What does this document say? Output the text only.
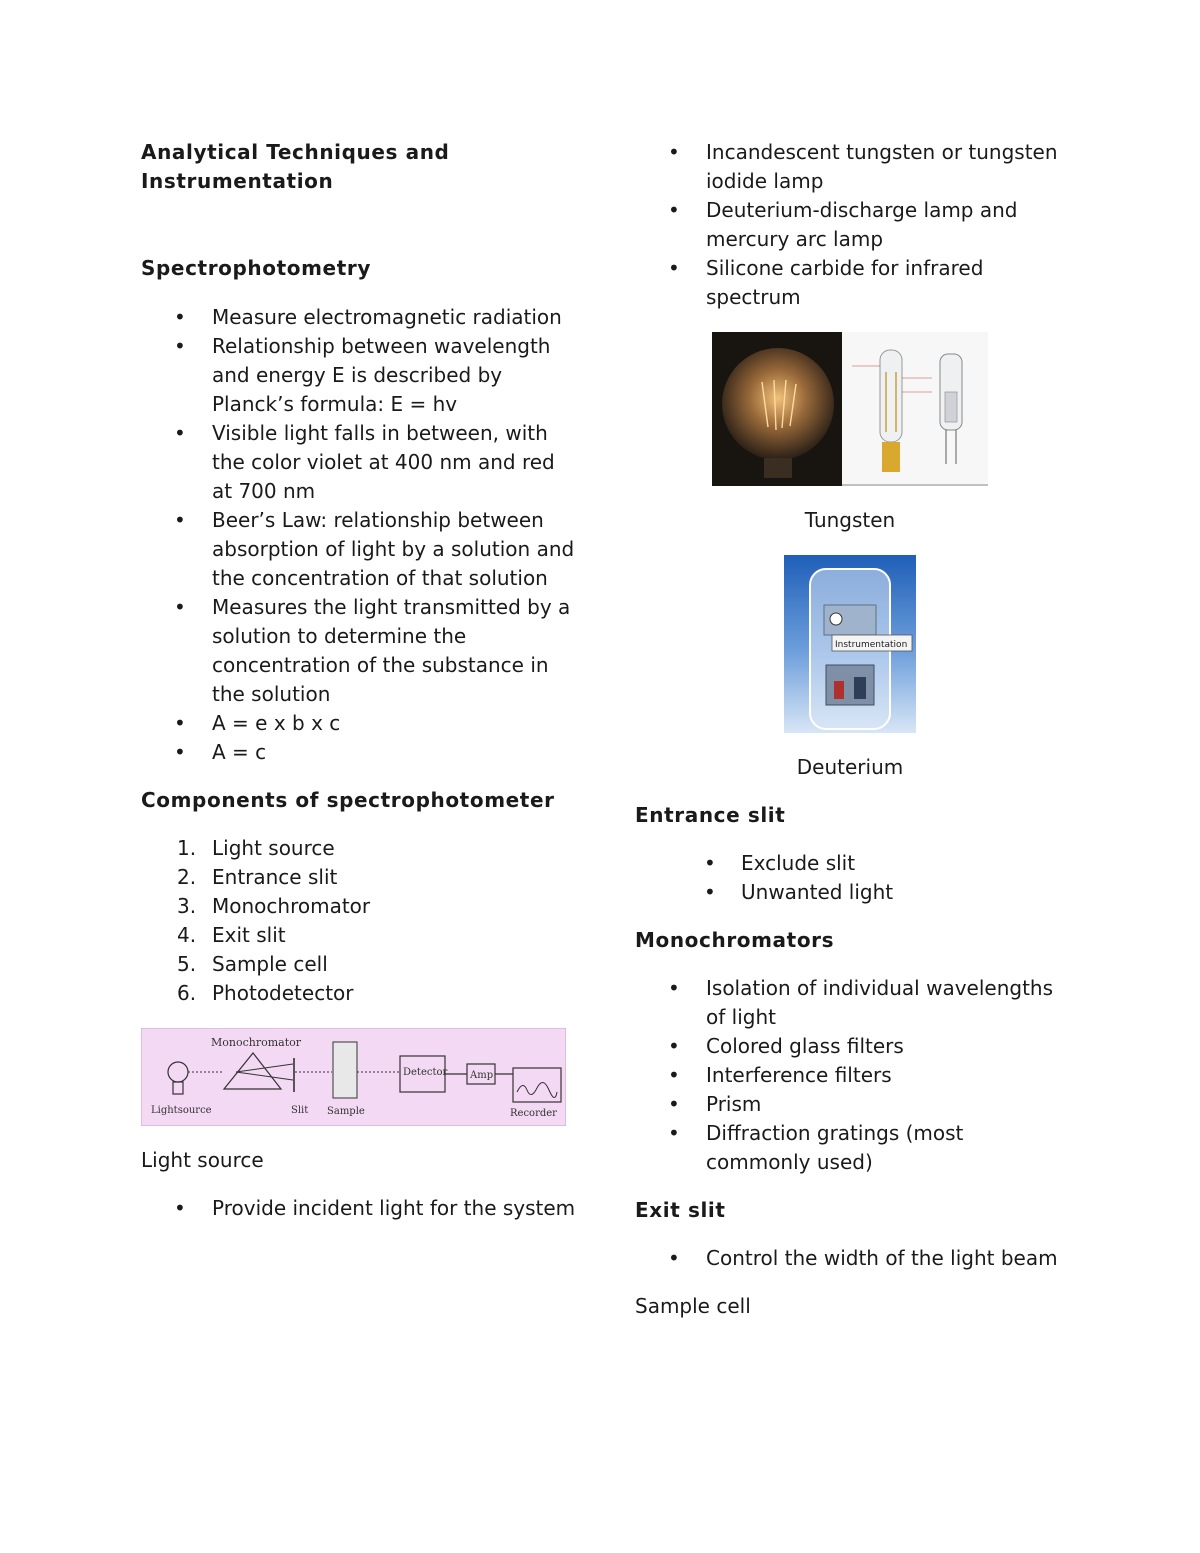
Analytical Techniques and Instrumentation

Spectrophotometry

• Measure electromagnetic radiation
• Relationship between wavelength and energy E is described by Planck’s formula: E = hv
• Visible light falls in between, with the color violet at 400 nm and red at 700 nm
• Beer’s Law: relationship between absorption of light by a solution and the concentration of that solution
• Measures the light transmitted by a solution to determine the concentration of the substance in the solution
• A = e x b x c
• A = c

Components of spectrophotometer

1. Light source
2. Entrance slit
3. Monochromator
4. Exit slit
5. Sample cell
6. Photodetector
Monochromator
Detector Amp
Lightsource	Slit Sample	Recorder

Light source

• Provide incident light for the system
• Incandescent tungsten or tungsten iodide lamp
• Deuterium-discharge lamp and mercury arc lamp
• Silicone carbide for infrared spectrum

Tungsten

Instrumentation

Deuterium

Entrance slit

• Exclude slit
• Unwanted light

Monochromators

• Isolation of individual wavelengths of light
• Colored glass filters
• Interference filters
• Prism
• Diffraction gratings (most commonly used)

Exit slit

• Control the width of the light beam

Sample cell
